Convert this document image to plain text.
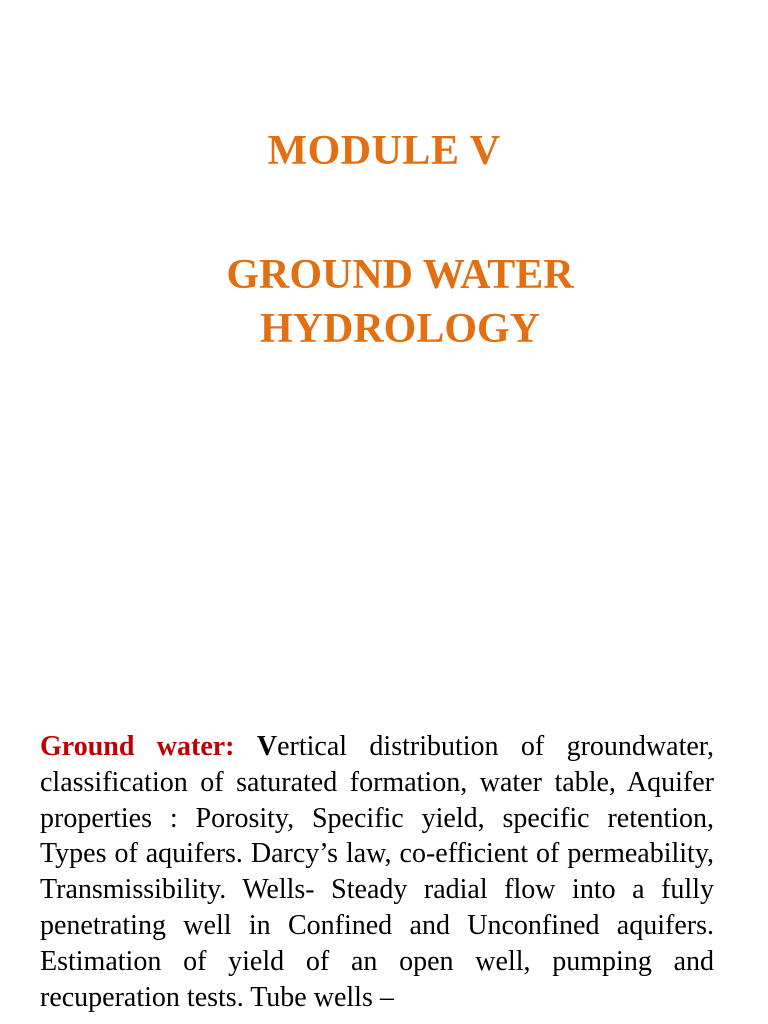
MODULE V
GROUND WATER
HYDROLOGY

Ground water: Vertical distribution of groundwater, classification of saturated formation, water table, Aquifer properties : Porosity, Specific yield, specific retention, Types of aquifers. Darcy’s law, co-efficient of permeability, Transmissibility. Wells- Steady radial flow into a fully penetrating well in Confined and Unconfined aquifers. Estimation of yield of an open well, pumping and recuperation tests. Tube wells –
